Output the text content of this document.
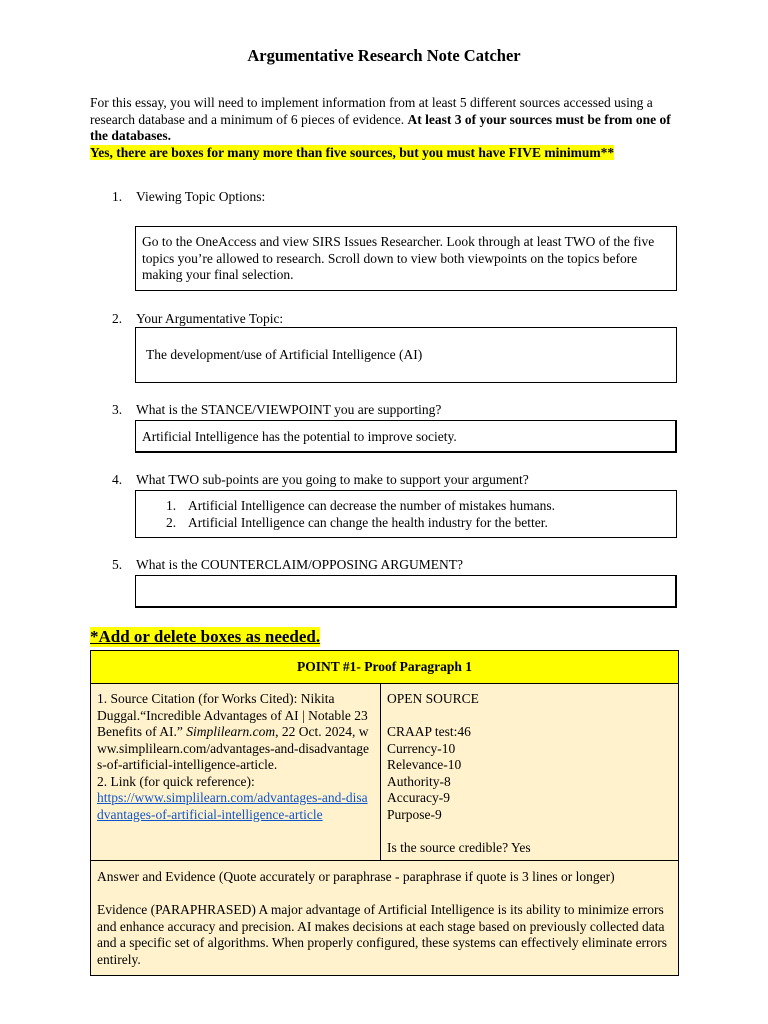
Argumentative Research Note Catcher
For this essay, you will need to implement information from at least 5 different sources accessed using a research database and a minimum of 6 pieces of evidence. At least 3 of your sources must be from one of the databases.
Yes, there are boxes for many more than five sources, but you must have FIVE minimum**
1. Viewing Topic Options:
Go to the OneAccess and view SIRS Issues Researcher. Look through at least TWO of the five topics you’re allowed to research. Scroll down to view both viewpoints on the topics before making your final selection.
2. Your Argumentative Topic:
The development/use of Artificial Intelligence (AI)
3. What is the STANCE/VIEWPOINT you are supporting?
Artificial Intelligence has the potential to improve society.
4. What TWO sub-points are you going to make to support your argument?
1. Artificial Intelligence can decrease the number of mistakes humans.
2. Artificial Intelligence can change the health industry for the better.
5. What is the COUNTERCLAIM/OPPOSING ARGUMENT?
*Add or delete boxes as needed.
POINT #1- Proof Paragraph 1
1. Source Citation (for Works Cited): Nikita Duggal.“Incredible Advantages of AI | Notable 23 Benefits of AI.” Simplilearn.com, 22 Oct. 2024, www.simplilearn.com/advantages-and-disadvantages-of-artificial-intelligence-article.
2. Link (for quick reference):
https://www.simplilearn.com/advantages-and-disadvantages-of-artificial-intelligence-article
OPEN SOURCE
CRAAP test:46
Currency-10
Relevance-10
Authority-8
Accuracy-9
Purpose-9
Is the source credible? Yes
Answer and Evidence (Quote accurately or paraphrase - paraphrase if quote is 3 lines or longer)
Evidence (PARAPHRASED) A major advantage of Artificial Intelligence is its ability to minimize errors and enhance accuracy and precision. AI makes decisions at each stage based on previously collected data and a specific set of algorithms. When properly configured, these systems can effectively eliminate errors entirely.
